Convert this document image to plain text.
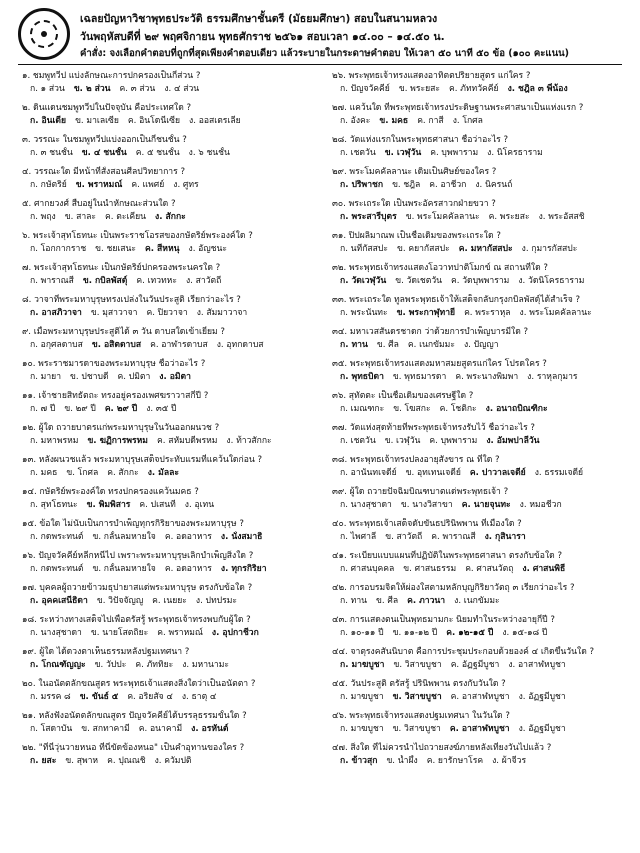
เฉลยปัญหาวิชาพุทธประวัติ ธรรมศึกษาชั้นตรี (มัธยมศึกษา) สอบในสนามหลวง
วันพฤหัสบดีที่ ๒๙ พฤศจิกายน พุทธศักราช ๒๕๖๑ สอบเวลา ๑๔.๐๐ – ๑๔.๕๐ น.
คำสั่ง: จงเลือกคำตอบที่ถูกที่สุดเพียงคำตอบเดียว แล้วระบายในกระดาษคำตอบ ให้เวลา ๕๐ นาที ๕๐ ข้อ (๑๐๐ คะแนน)
๑. ชมพูทวีป แบ่งลักษณะการปกครองเป็นกี่ส่วน ?
ก. ๑ ส่วน ข. ๒ ส่วน ค. ๓ ส่วน ง. ๔ ส่วน
๒. ดินแดนชมพูทวีปในปัจจุบัน คือประเทศใด ?
ก. อินเดีย ข. มาเลเซีย ค. อินโดนีเซีย ง. ออสเตรเลีย
๓. วรรณะ ในชมพูทวีปแบ่งออกเป็นกี่ชนชั้น ?
ก. ๓ ชนชั้น ข. ๔ ชนชั้น ค. ๕ ชนชั้น ง. ๖ ชนชั้น
๔. วรรณะใด มีหน้าที่สั่งสอนศีลปวิทยาการ ?
ก. กษัตริย์ ข. พราหมณ์ ค. แพศย์ ง. ศูทร
๕. ศากยวงศ์ สืบอยู่ในนำหักษณะส่วนใด ?
ก. พฤง ข. สาละ ค. ตะเคียน ง. สักกะ
๖. พระเจ้าสุทโธทนะ เป็นพระราชโอรสของกษัตริย์พระองค์ใด ?
ก. โอกกากราช ข. ชยเสนะ ค. สีหหนุ ง. อัญชนะ
๗. พระเจ้าสุทโธทนะ เป็นกษัตริย์ปกครองพระนครใด ?
ก. พาราณสี ข. กบิลพัสดุ์ ค. เทวทหะ ง. สาวัตถี
๘. วาจาที่พระมหาบุรุษทรงเปล่งในวันประสูติ เรียกว่าอะไร ?
ก. อาสภิวาจา ข. มุสาวาจา ค. ปิยวาจา ง. สัมมาวาจา
๙. เมื่อพระมหาบุรุษประสูติได้ ๓ วัน ดาบสใดเข้าเยี่ยม ?
ก. อกุศลดาบส ข. อสิตดาบส ค. อาฬารดาบส ง. อุทกดาบส
๑๐. พระราชมารดาของพระมหาบุรุษ ชื่อว่าอะไร ?
ก. มายา ข. ปชาบดี ค. ปมิตา ง. อมิตา
๑๑. เจ้าชายสิทธัตถะ ทรงอยู่ครองเพศฆราวาสกี่ปี ?
ก. ๗ ปี ข. ๒๙ ปี ค. ๒๙ ปี ง. ๓๕ ปี
๑๒. ผู้ใด ถวายบาตรแก่พระมหาบุรุษในวันออกผนวช ?
ก. มหาพรหม ข. ฆฏิการพรหม ค. สหัมบดีพรหม ง. ท้าวสักกะ
๑๓. หลังผนวชแล้ว พระมหาบุรุษเสด็จประทับแรมที่แคว้นใดก่อน ?
ก. มคธ ข. โกศล ค. สักกะ ง. มัลละ
๑๔. กษัตริย์พระองค์ใด ทรงปกครองแคว้นมคธ ?
ก. สุทโธทนะ ข. พิมพิสาร ค. ปเสนที ง. อุเทน
๑๕. ข้อใด ไม่นับเป็นการบำเพ็ญทุกรกิริยาของพระมหาบุรุษ ?
ก. กดพระทนต์ ข. กลั้นลมหายใจ ค. อดอาหาร ง. นั่งสมาธิ
๑๖. ปัญจวัคคีย์หลีกหนีไป เพราะพระมหาบุรุษเลิกบำเพ็ญสิ่งใด ?
ก. กดพระทนต์ ข. กลั้นลมหายใจ ค. อดอาหาร ง. ทุกรกิริยา
๑๗. บุคคลผู้ถวายข้าวมธุปายาสแด่พระมหาบุรุษ ตรงกับข้อใด ?
ก. อุคคเสนีธิดา ข. วิปัจจัญญู ค. เนยยะ ง. ปทปรมะ
๑๘. ระหว่างทางเสด็จไปเพื่อตรัสรู้ พระพุทธเจ้าทรงพบกับผู้ใด ?
ก. นางสุชาดา ข. นายโสตถิยะ ค. พราหมณ์ ง. อุปกาชีวก
๑๙. ผู้ใด ได้ดวงตาเห็นธรรมหลังปฐมเทศนา ?
ก. โกณฑัญญะ ข. วัปปะ ค. ภัททิยะ ง. มหานามะ
๒๐. ในอนัตตลักขณสูตร พระพุทธเจ้าแสดงสิ่งใดว่าเป็นอนัตตา ?
ก. มรรค ๘ ข. ขันธ์ ๕ ค. อริยสัจ ๔ ง. ธาตุ ๔
๒๑. หลังฟังอนัตตลักขณสูตร ปัญจวัคคีย์ได้บรรลุธรรมขั้นใด ?
ก. โสดาบัน ข. สกทาคามี ค. อนาคามี ง. อรหันต์
๒๒. "ที่นี่วุ่นวายหนอ ที่นี่ขัดข้องหนอ" เป็นคำอุทานของใคร ?
ก. ยสะ ข. สุพาห ค. ปุณณชิ ง. ควัมปติ
๒๖. พระพุทธเจ้าทรงแสดงอาทิตตปริยายสูตร แก่ใคร ?
ก. ปัญจวัคคีย์ ข. พระยสะ ค. ภัททวัคคีย์ ง. ชฎิล ๓ พี่น้อง
๒๗. แคว้นใด ที่พระพุทธเจ้าทรงประดิษฐานพระศาสนาเป็นแห่งแรก ?
ก. อังคะ ข. มคธ ค. กาสี ง. โกศล
๒๘. วัดแห่งแรกในพระพุทธศาสนา ชื่อว่าอะไร ?
ก. เชตวัน ข. เวฬุวัน ค. บุพพาราม ง. นิโครธาราม
๒๙. พระโมคคัลลานะ เดิมเป็นศิษย์ของใคร ?
ก. ปริพาชก ข. ชฎิล ค. อาชีวก ง. นิครนถ์
๓๐. พระเถระใด เป็นพระอัครสาวกฝ่ายขวา ?
ก. พระสารีบุตร ข. พระโมคคัลลานะ ค. พระยสะ ง. พระอัสสชิ
๓๑. ปิปผลิมาณพ เป็นชื่อเดิมของพระเถระใด ?
ก. นทีกัสสปะ ข. คยากัสสปะ ค. มหากัสสปะ ง. กุมารกัสสปะ
๓๒. พระพุทธเจ้าทรงแสดงโอวาทปาติโมกข์ ณ สถานที่ใด ?
ก. วัดเวฬุวัน ข. วัดเชตวัน ค. วัดบุพพาราม ง. วัดนิโครธาราม
๓๓. พระเถระใด ทูลพระพุทธเจ้าให้เสด็จกลับกรุงกบิลพัสดุ์ได้สำเร็จ ?
ก. พระนันทะ ข. พระกาฬุทายี ค. พระราหุล ง. พระโมคคัลลานะ
๓๔. มหาเวสสันดรชาดก ว่าด้วยการบำเพ็ญบารมีใด ?
ก. ทาน ข. ศีล ค. เนกขัมมะ ง. ปัญญา
๓๕. พระพุทธเจ้าทรงแสดงมหาสมยสูตรแก่ใคร โปรดใคร ?
ก. พุทธบิดา ข. พุทธมารดา ค. พระนางพิมพา ง. ราหุลกุมาร
๓๖. สุทัตตะ เป็นชื่อเดิมของเศรษฐีใด ?
ก. เมณฑกะ ข. โฆสกะ ค. โชติกะ ง. อนาถบิณฑิกะ
๓๗. วัดแห่งสุดท้ายที่พระพุทธเจ้าทรงรับไว้ ชื่อว่าอะไร ?
ก. เชตวัน ข. เวฬุวัน ค. บุพพาราม ง. อัมพปาลีวัน
๓๘. พระพุทธเจ้าทรงปลงอายุสังขาร ณ ที่ใด ?
ก. อานันทเจดีย์ ข. อุทเทนเจดีย์ ค. ปาวาลเจดีย์ ง. ธรรมเจดีย์
๓๙. ผู้ใด ถวายปัจฉิมบิณฑบาตแด่พระพุทธเจ้า ?
ก. นางสุชาดา ข. นางวิสาขา ค. นายจุนทะ ง. หมอชีวก
๔๐. พระพุทธเจ้าเสด็จดับขันธปรินิพพาน ที่เมืองใด ?
ก. ไพศาลี ข. สาวัตถี ค. พาราณสี ง. กุสินารา
๔๑. ระเบียบแบบแผนที่ปฏิบัติในพระพุทธศาสนา ตรงกับข้อใด ?
ก. ศาสนบุคคล ข. ศาสนธรรม ค. ศาสนวัตถุ ง. ศาสนพิธี
๔๒. การอบรมจิตให้ผ่องใสตามหลักบุญกิริยาวัตถุ ๓ เรียกว่าอะไร ?
ก. ทาน ข. ศีล ค. ภาวนา ง. เนกขัมมะ
๔๓. การแสดงตนเป็นพุทธมามกะ นิยมทำในระหว่างอายุกี่ปี ?
ก. ๑๐-๑๑ ปี ข. ๑๑-๑๒ ปี ค. ๑๒-๑๕ ปี ง. ๑๕-๑๘ ปี
๔๔. จาตุรงคสันนิบาต คือการประชุมประกอบด้วยองค์ ๔ เกิดขึ้นวันใด ?
ก. มาฆบูชา ข. วิสาขบูชา ค. อัฏฐมีบูชา ง. อาสาฬหบูชา
๔๕. วันประสูติ ตรัสรู้ ปรินิพพาน ตรงกับวันใด ?
ก. มาฆบูชา ข. วิสาขบูชา ค. อาสาฬหบูชา ง. อัฏฐมีบูชา
๔๖. พระพุทธเจ้าทรงแสดงปฐมเทศนา ในวันใด ?
ก. มาฆบูชา ข. วิสาขบูชา ค. อาสาฬหบูชา ง. อัฏฐมีบูชา
๔๗. สิ่งใด ที่ไม่ควรนำไปถวายสงฆ์ภายหลังเที่ยงวันไปแล้ว ?
ก. ข้าวสุก ข. น้ำผึ้ง ค. ยารักษาโรค ง. ผ้าจีวร
